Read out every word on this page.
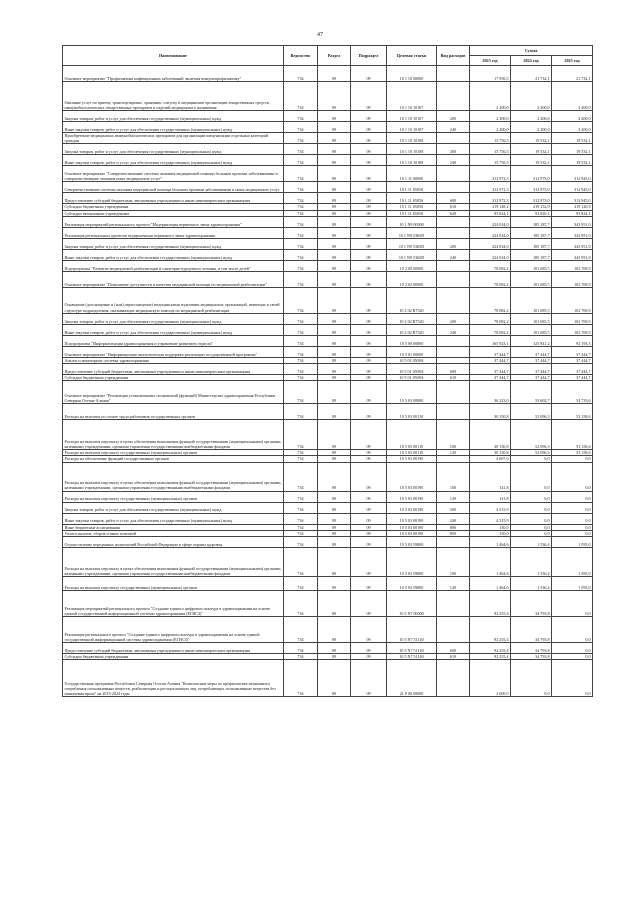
47
Наименование	Ведомство	Раздел	Подраздел	Целевая статья	Вид расходов	Сумма		
						2023 год	2024 год	2025 год
Основное мероприятие "Профилактика инфекционных заболеваний, включая иммунопрофилактику"	734	09	09	10 1 10 00000		17 956,5	21 732,1	21 732,1
Оказание услуг по приему, транспортировке, хранению, отпуску в медицинские организации лекарственных средств, иммунобиологических лекарственных препаратов и изделий медицинского назначения	734	09	09	10 1 10 10107		2 200,0	2 200,0	2 200,0
Закупка товаров, работ и услуг для обеспечения государственных (муниципальных) нужд	734	09	09	10 1 10 10107	200	2 200,0	2 200,0	2 200,0
Иные закупки товаров, работ и услуг для обеспечения государственных (муниципальных) нужд	734	09	09	10 1 10 10107	240	2 200,0	2 200,0	2 200,0
Приобретение медицинских иммунобиологических препаратов для организации иммунизации отдельных категорий граждан	734	09	09	10 1 10 10108		15 756,5	19 532,1	19 532,1
Закупка товаров, работ и услуг для обеспечения государственных (муниципальных) нужд	734	09	09	10 1 10 10108	200	15 756,5	19 532,1	19 532,1
Иные закупки товаров, работ и услуг для обеспечения государственных (муниципальных) нужд	734	09	09	10 1 10 10108	240	15 756,5	19 532,1	19 532,1
Основное мероприятие "Совершенствование системы оказания медицинской помощи больным прочими заболеваниями и совершенствование оказания иных медицинских услуг"	734	09	09	10 1 11 00000		312 972,3	312 973,0	312 945,0
Совершенствование системы оказания медицинской помощи больным прочими заболеваниями и иных медицинских услуг	734	09	09	10 1 11 0505S		312 972,3	312 973,0	312 945,0
Предоставление субсидий бюджетным, автономным учреждениям и иным некоммерческим организациям	734	09	09	10 1 11 0505S	600	312 972,3	312 973,0	312 945,0
Субсидии бюджетным учреждениям	734	09	09	10 1 11 0505S	610	219 148,2	219 152,9	219 120,9
Субсидии автономным учреждениям	734	09	09	10 1 11 0505S	620	93 824,1	93 820,1	93 824,1
Реализация мероприятий регионального проекта "Модернизация первичного звена здравоохранения"	734	09	09	10 1 N9 00000		224 034,0	185 187,7	343 951,0
Реализация региональных проектов модернизации первичного звена здравоохранения	734	09	09	10 1 N9 5365D		224 034,0	185 187,7	343 951,0
Закупка товаров, работ и услуг для обеспечения государственных (муниципальных) нужд	734	09	09	10 1 N9 5365D	200	224 034,0	185 187,7	343 951,0
Иные закупки товаров, работ и услуг для обеспечения государственных (муниципальных) нужд	734	09	09	10 1 N9 5365D	240	224 034,0	185 187,7	343 951,0
Подпрограмма "Развитие медицинской реабилитации и санаторно-курортного лечения, в том числе детей"	734	09	09	10 2 00 00000		78 082,2	101 685,5	102 769,9
Основное мероприятие "Повышение доступности и качества медицинской помощи по медицинской реабилитации"	734	09	09	10 2 02 00000		78 082,2	101 685,5	102 769,9
Оснащение (дооснащение и (или) переоснащение) медицинскими изделиями медицинских организаций, имеющих в своей структуре подразделения, оказывающие медицинскую помощь по медицинской реабилитации	734	09	09	10 2 02 R7520		78 082,2	101 685,5	102 769,9
Закупка товаров, работ и услуг для обеспечения государственных (муниципальных) нужд	734	09	09	10 2 02 R7520	200	78 082,2	101 685,5	102 769,9
Иные закупки товаров, работ и услуг для обеспечения государственных (муниципальных) нужд	734	09	09	10 2 02 R7520	240	78 082,2	101 685,5	102 769,9
Подпрограмма "Информатизация здравоохранения и управление развитием отрасли"	734	09	09	10 5 00 00000		165 923,1	125 841,2	92 193,3
Основное мероприятие "Информационно-аналитическая поддержка реализации государственной программы"	734	09	09	10 5 01 00000		37 444,7	37 444,7	37 444,7
Анализ и мониторинг системы здравоохранения	734	09	09	10 5 01 0509A		37 444,7	37 444,7	37 444,7
Предоставление субсидий бюджетным, автономным учреждениям и иным некоммерческим организациям	734	09	09	10 5 01 0509A	600	37 444,7	37 444,7	37 444,7
Субсидии бюджетным учреждениям	734	09	09	10 5 01 0509A	610	37 444,7	37 444,7	37 444,7
Основное мероприятие "Реализация установленных полномочий (функций) Министерства здравоохранения Республики Северная Осетия-Алания"	734	09	09	10 5 03 00000		36 223,0	53 602,7	54 733,6
Расходы на выплаты по оплате труда работников государственных органов	734	09	09	10 5 03 00110		30 150,8	52 096,3	53 158,6
Расходы на выплаты персоналу в целях обеспечения выполнения функций государственными (муниципальными) органами, казенными учреждениями, органами управления государственными внебюджетными фондами	734	09	09	10 5 03 00110	100	30 150,8	52 096,3	53 158,6
Расходы на выплаты персоналу государственных (муниципальных) органов	734	09	09	10 5 03 00110	120	30 150,8	52 096,3	53 158,6
Расходы на обеспечение функций государственных органов	734	09	09	10 5 03 00190		4 607,6	0,0	0,0
Расходы на выплаты персоналу в целях обеспечения выполнения функций государственными (муниципальными) органами, казенными учреждениями, органами управления государственными внебюджетными фондами	734	09	09	10 5 03 00190	100	141,8	0,0	0,0
Расходы на выплаты персоналу государственных (муниципальных) органов	734	09	09	10 5 03 00190	120	141,8	0,0	0,0
Закупка товаров, работ и услуг для обеспечения государственных (муниципальных) нужд	734	09	09	10 5 03 00190	200	4 315,9	0,0	0,0
Иные закупки товаров, работ и услуг для обеспечения государственных (муниципальных) нужд	734	09	09	10 5 03 00190	240	4 315,9	0,0	0,0
Иные бюджетные ассигнования	734	09	09	10 5 03 00190	800	150,0	0,0	0,0
Уплата налогов, сборов и иных платежей	734	09	09	10 5 03 00190	850	150,0	0,0	0,0
Осуществление переданных полномочий Российской Федерации в сфере охраны здоровья	734	09	09	10 5 03 59800		1 464,6	1 536,4	1 595,0
Расходы на выплаты персоналу в целях обеспечения выполнения функций государственными (муниципальными) органами, казенными учреждениями, органами управления государственными внебюджетными фондами	734	09	09	10 5 03 59800	100	1 464,6	1 536,4	1 595,0
Расходы на выплаты персоналу государственных (муниципальных) органов	734	09	09	10 5 03 59800	120	1 464,6	1 536,4	1 595,0
Реализация мероприятий регионального проекта "Создание единого цифрового контура в здравоохранении на основе единой государственной информационной системы здравоохранения (ЕГИСЗ)"	734	09	09	10 5 N7 00000		92 255,4	34 793,8	0,0
Реализация регионального проекта "Создание единого цифрового контура в здравоохранении на основе единой государственной информационной системы здравоохранения (ЕГИСЗ)"	734	09	09	10 5 N7 51140		92 255,4	34 793,8	0,0
Предоставление субсидий бюджетным, автономным учреждениям и иным некоммерческим организациям	734	09	09	10 5 N7 51140	600	92 255,4	34 793,8	0,0
Субсидии бюджетным учреждениям	734	09	09	10 5 N7 51140	610	92 255,4	34 793,8	0,0
Государственная программа Республики Северная Осетия-Алания "Комплексные меры по профилактике незаконного потребления психоактивных веществ, реабилитации и ресоциализации лиц, потребляющих психоактивные вещества без назначения врача" на 2015-2024 годы	734	09	09	21 0 00 00000		2 000,0	0,0	0,0
